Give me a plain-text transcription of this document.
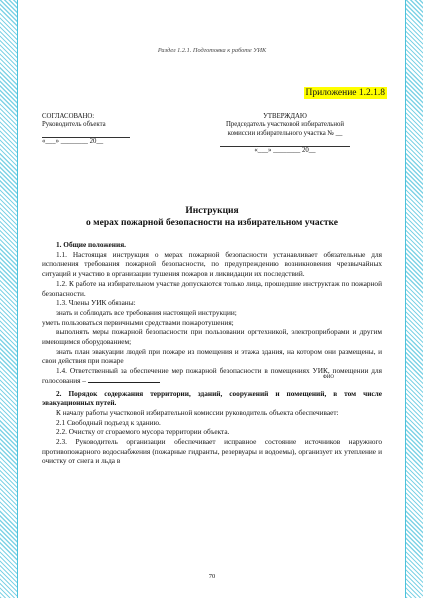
Раздел 1.2.1. Подготовка к работе УИК
Приложение 1.2.1.8
СОГЛАСОВАНО:
Руководитель объекта
«___» ________ 20__
УТВЕРЖДАЮ
Председатель участковой избирательной
комиссии избирательного участка № __
«___» ________ 20__
Инструкция
о мерах пожарной безопасности на избирательном участке

1. Общие положения.

1.1. Настоящая инструкция о мерах пожарной безопасности устанавливает обязательные для исполнения требования пожарной безопасности, по предупреждению возникновения чрезвычайных ситуаций и участию в организации тушения пожаров и ликвидации их последствий.

1.2. К работе на избирательном участке допускаются только лица, прошедшие инструктаж по пожарной безопасности.

1.3. Члены УИК обязаны:

знать и соблюдать все требования настоящей инструкции;

уметь пользоваться первичными средствами пожаротушения;

выполнять меры пожарной безопасности при пользовании оргтехникой, электроприборами и другим имеющимся оборудованием;

знать план эвакуации людей при пожаре из помещения и этажа здания, на котором они размещены, и свои действия при пожаре

1.4. Ответственный за обеспечение мер пожарной безопасности в помещениях УИК, помещении для голосования –	ФИО

2. Порядок содержания территории, зданий, сооружений и помещений, в том числе эвакуационных путей.

К началу работы участковой избирательной комиссии руководитель объекта обеспечивает:

2.1 Свободный подъезд к зданию.

2.2. Очистку от сгораемого мусора территории объекта.

2.3. Руководитель организации обеспечивает исправное состояние источников наружного противопожарного водоснабжения (пожарные гидранты, резервуары и водоемы), организует их утепление и очистку от снега и льда в

70
